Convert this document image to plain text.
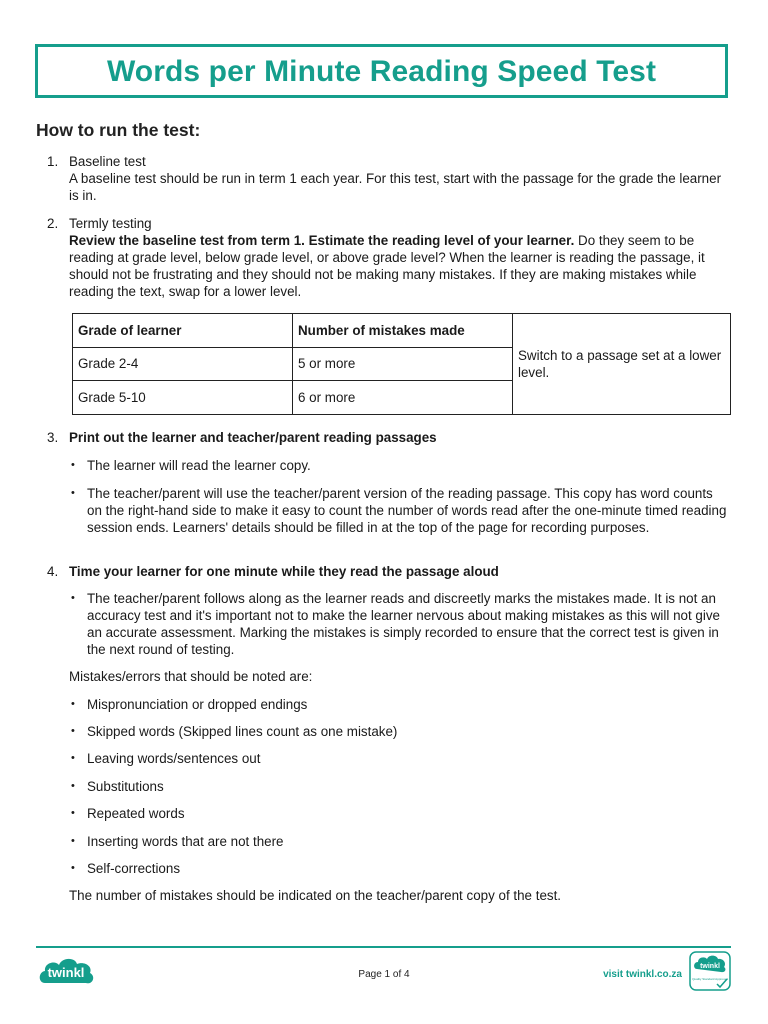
Words per Minute Reading Speed Test
How to run the test:
1. Baseline test

A baseline test should be run in term 1 each year. For this test, start with the passage for the grade the learner is in.

2. Termly testing

Review the baseline test from term 1. Estimate the reading level of your learner. Do they seem to be reading at grade level, below grade level, or above grade level? When the learner is reading the passage, it should not be frustrating and they should not be making many mistakes. If they are making mistakes while reading the text, swap for a lower level.

Grade of learner	Number of mistakes made	Switch to a passage set at a lower level.
Grade 2-4	5 or more	
Grade 5-10	6 or more	
3. Print out the learner and teacher/parent reading passages
• The learner will read the learner copy.
• The teacher/parent will use the teacher/parent version of the reading passage. This copy has word counts on the right-hand side to make it easy to count the number of words read after the one-minute timed reading session ends. Learners' details should be filled in at the top of the page for recording purposes.
4. Time your learner for one minute while they read the passage aloud
• The teacher/parent follows along as the learner reads and discreetly marks the mistakes made. It is not an accuracy test and it's important not to make the learner nervous about making mistakes as this will not give an accurate assessment. Marking the mistakes is simply recorded to ensure that the correct test is given in the next round of testing.
Mistakes/errors that should be noted are:
• Mispronunciation or dropped endings
• Skipped words (Skipped lines count as one mistake)
• Leaving words/sentences out
• Substitutions
• Repeated words
• Inserting words that are not there
• Self-corrections
The number of mistakes should be indicated on the teacher/parent copy of the test.
twinkl	Page 1 of 4	visit twinkl.co.za
twinkl
Quality Standard Approved
